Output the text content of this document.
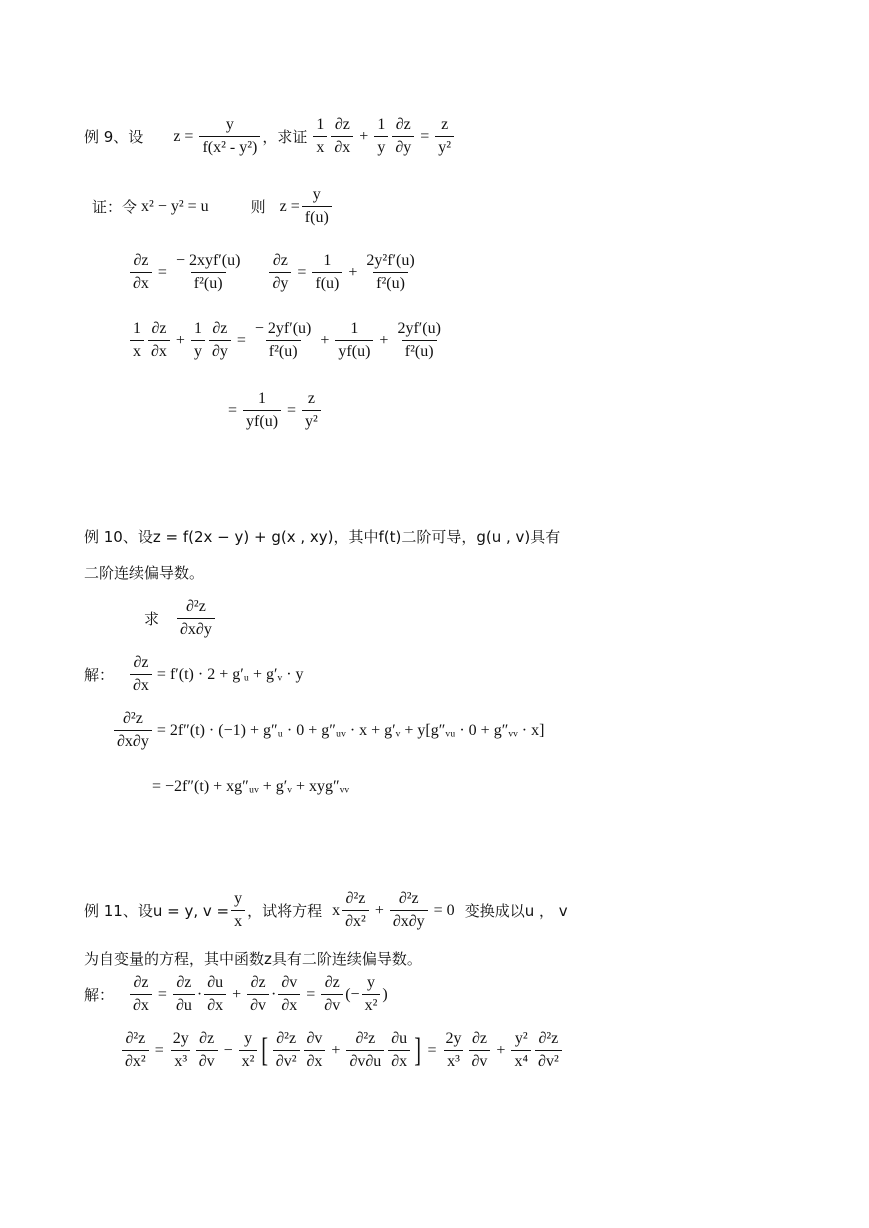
例 9、设 $z = \frac{y}{\text{f(x² - y²)}}$ ，求证 $\frac{1}{x} \frac{\partial z}{\partial x} + \frac{1}{y} \frac{\partial z}{\partial y} = \frac{z}{\text{y²}}$
证：令 x² − y² = u	则 $z = \frac{y}{f(u)}$
$\frac{\partial z}{\partial x} = \frac{\text{− 2xyf′(u)}}{\text{f²(u)}} \frac{\partial z}{\partial y} = \frac{1}{f(u)} + \frac{\text{2y²f′(u)}}{\text{f²(u)}}$
$\frac{1}{x} \frac{\partial z}{\partial x} + \frac{1}{y} \frac{\partial z}{\partial y} = \frac{- 2yf'(u)}{\text{f²(u)}} + \frac{1}{yf(u)} + \frac{2yf'(u)}{\text{f²(u)}}$
= $\frac{1}{yf(u)} = \frac{z}{\text{y²}}$
例 10、设z = f(2x − y) + g(x , xy)，其中f(t)二阶可导，g(u , v)具有
二阶连续偏导数。
求 $\frac{\text{∂²z}}{\partial x\partial y}$
解： $\frac{\partial z}{\partial x} = f'(t) \cdot 2$ + g′ᵤ + g′ᵥ · y
$\frac{\text{∂²z}}{\partial x\partial y} = 2f''(t) \cdot (-1)$ + g″ᵤ · 0 + g″ᵤᵥ · x + g′ᵥ + y[g″ᵥᵤ · 0 + g″ᵥᵥ · x]
= −2f″(t) + xg″ᵤᵥ + g′ᵥ + xyg″ᵥᵥ
例 11、设u = y, $v = \frac{y}{x}$ ，试将方程 x $\frac{\text{∂²z}}{\text{∂x²}} + \frac{\text{∂²z}}{\partial x\partial y} = 0$ 变换成以u ， v
为自变量的方程，其中函数z具有二阶连续偏导数。
解： $\frac{\partial z}{\partial x} = \frac{\partial z}{\partial u} \cdot \frac{\partial u}{\partial x} + \frac{\partial z}{\partial v} \cdot \frac{\partial v}{\partial x} = \frac{\partial z}{\partial v}$ (− $\frac{y}{\text{x²}}$ )
$\frac{\text{∂²z}}{\text{∂x²}} = \frac{2y}{\text{x³}} \frac{\partial z}{\partial v} - \frac{y}{\text{x²}}$ [ $\frac{\text{∂²z}}{\text{∂v²}} \frac{\partial v}{\partial x} + \frac{\text{∂²z}}{\partial v\partial u} \frac{\partial u}{\partial x}$ ] = $\frac{2y}{\text{x³}} \frac{\partial z}{\partial v} + \frac{\text{y²}}{\text{x⁴}} \frac{\text{∂²z}}{\text{∂v²}}$
